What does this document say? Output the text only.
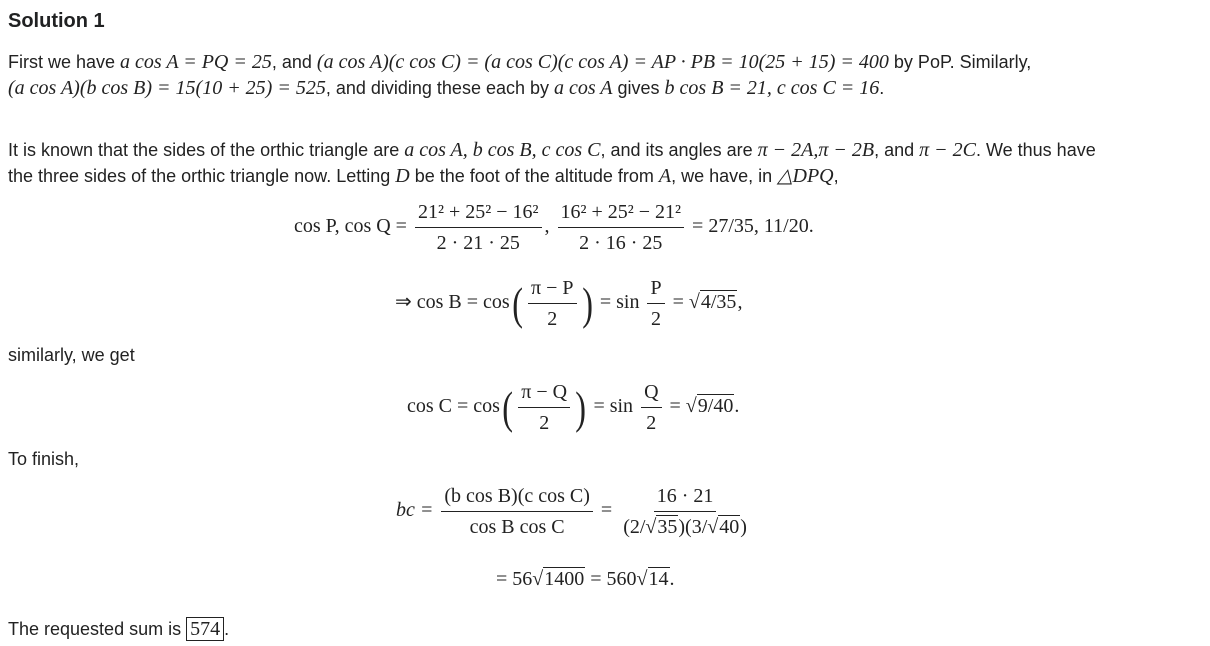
Solution 1
First we have a cos A = PQ = 25, and (a cos A)(c cos C) = (a cos C)(c cos A) = AP · PB = 10(25 + 15) = 400 by PoP. Similarly,
(a cos A)(b cos B) = 15(10 + 25) = 525, and dividing these each by a cos A gives b cos B = 21, c cos C = 16.
It is known that the sides of the orthic triangle are a cos A, b cos B, c cos C, and its angles are π − 2A,π − 2B, and π − 2C. We thus have
the three sides of the orthic triangle now. Letting D be the foot of the altitude from A, we have, in △DPQ,
cos P, $\cos Q = \frac{\text{21² + 25² − 16²}}{2 \cdot 21 \cdot 25}$ , $\frac{\text{16² + 25² − 21²}}{2 \cdot 16 \cdot 25} = 27/35$, 11/20.
⇒ $\cos B = \cos( \frac{\pi - P}{2}$ ) = $\sin \frac{P}{2} = √4/35$,
similarly, we get
$\cos C = \cos( \frac{\pi - Q}{2}$ ) = $\sin \frac{Q}{2} = √9/40$.
To finish,
bc = $\frac{\text{(b cos B)(c cos C)}}{\text{cos B cos C}} = \frac{16 \cdot 21}{(2/√35)(3/√40)}$
= 56√1400 = 560√14.
The requested sum is 574 .
